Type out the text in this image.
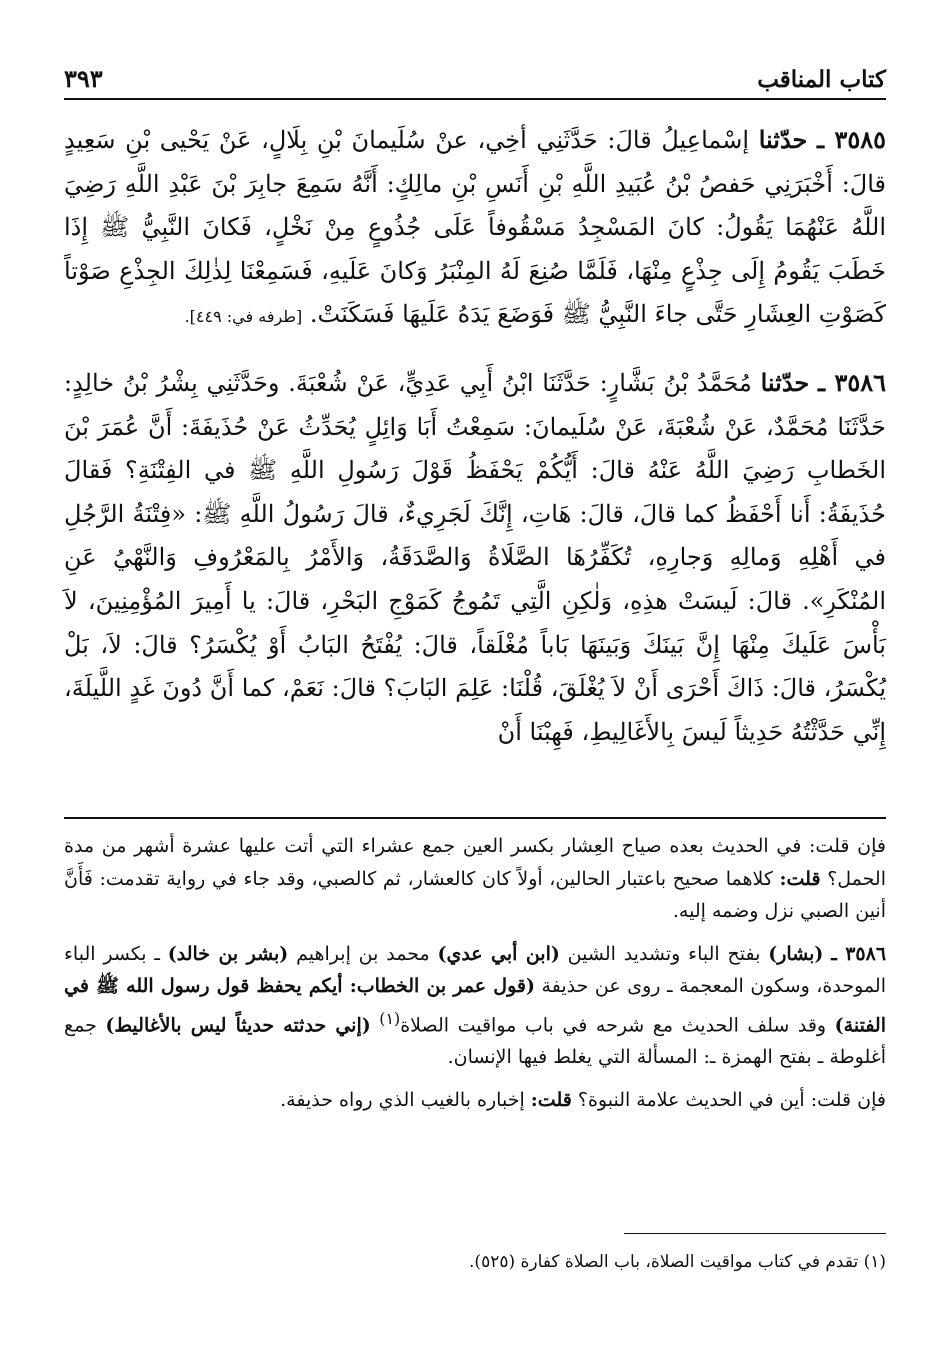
كتاب المناقب
٣٩٣

٣٥٨٥ ـ حدّثنا إسْماعِيلُ قالَ: حَدَّثَنِي أخِي، عنْ سُلَيمانَ بْنِ بِلَالٍ، عَنْ يَحْيى بْنِ سَعِيدٍ قالَ: أَخْبَرَنِي حَفصُ بْنُ عُبَيدِ اللَّهِ بْنِ أَنَسِ بْنِ مالِكٍ: أَنَّهُ سَمِعَ جابِرَ بْنَ عَبْدِ اللَّهِ رَضِيَ اللَّهُ عَنْهُمَا يَقُولُ: كانَ المَسْجِدُ مَسْقُوفاً عَلَى جُذُوعٍ مِنْ نَخْلٍ، فَكانَ النَّبِيُّ ﷺ إِذَا خَطَبَ يَقُومُ إِلَى جِذْعٍ مِنْهَا، فَلَمَّا صُنِعَ لَهُ المِنْبَرُ وَكانَ عَلَيهِ، فَسَمِعْنَا لِذٰلِكَ الجِذْعِ صَوْتاً كَصَوْتِ العِشَارِ حَتَّى جاءَ النَّبِيُّ ﷺ فَوَضَعَ يَدَهُ عَلَيهَا فَسَكَنَتْ. [طرفه في: ٤٤٩].

٣٥٨٦ ـ حدّثنا مُحَمَّدُ بْنُ بَشَّارٍ: حَدَّثَنَا ابْنُ أَبِي عَدِيٍّ، عَنْ شُعْبَةَ. وحَدَّثَنِي بِشْرُ بْنُ خالِدٍ: حَدَّثَنَا مُحَمَّدٌ، عَنْ شُعْبَةَ، عَنْ سُلَيمانَ: سَمِعْتُ أَبَا وَائِلٍ يُحَدِّثُ عَنْ حُذَيفَةَ: أَنَّ عُمَرَ بْنَ الخَطابِ رَضِيَ اللَّهُ عَنْهُ قالَ: أَيُّكُمْ يَحْفَظُ قَوْلَ رَسُولِ اللَّهِ ﷺ في الفِتْنَةِ؟ فَقالَ حُذَيفَةُ: أَنا أَحْفَظُ كما قالَ، قالَ: هَاتِ، إِنَّكَ لَجَرِيءٌ، قالَ رَسُولُ اللَّهِ ﷺ: «فِتْنَةُ الرَّجُلِ في أَهْلِهِ وَمالِهِ وَجارِهِ، تُكَفِّرُهَا الصَّلَاةُ وَالصَّدَقَةُ، وَالأَمْرُ بِالمَعْرُوفِ وَالنَّهْيُ عَنِ المُنْكَرِ». قالَ: لَيسَتْ هذِهِ، وَلٰكِنِ الَّتِي تَمُوجُ كَمَوْجِ البَحْرِ، قالَ: يا أَمِيرَ المُؤْمِنِينَ، لاَ بَأْسَ عَلَيكَ مِنْهَا إِنَّ بَينَكَ وَبَينَهَا بَاباً مُغْلَقاً، قالَ: يُفْتَحُ البَابُ أَوْ يُكْسَرُ؟ قالَ: لاَ، بَلْ يُكْسَرُ، قالَ: ذَاكَ أَحْرَى أَنْ لاَ يُغْلَقَ، قُلْنَا: عَلِمَ البَابَ؟ قالَ: نَعَمْ، كما أَنَّ دُونَ غَدٍ اللَّيلَةَ، إِنِّي حَدَّثْتُهُ حَدِيثاً لَيسَ بِالأَغَالِيطِ، فَهِبْنَا أَنْ

فإن قلت: في الحديث بعده صياح العِشار بكسر العين جمع عشراء التي أتت عليها عشرة أشهر من مدة الحمل؟ قلت: كلاهما صحيح باعتبار الحالين، أولاً كان كالعشار، ثم كالصبي، وقد جاء في رواية تقدمت: فَأَنَّ أنين الصبي نزل وضمه إليه.

٣٥٨٦ ـ (بشار) بفتح الباء وتشديد الشين (ابن أبي عدي) محمد بن إبراهيم (بشر بن خالد) ـ بكسر الباء الموحدة، وسكون المعجمة ـ روى عن حذيفة (قول عمر بن الخطاب: أيكم يحفظ قول رسول الله ﷺ في الفتنة) وقد سلف الحديث مع شرحه في باب مواقيت الصلاة$^{(١)}$ (إني حدثته حديثاً ليس بالأغاليط) جمع أغلوطة ـ بفتح الهمزة ـ: المسألة التي يغلط فيها الإنسان.

فإن قلت: أين في الحديث علامة النبوة؟ قلت: إخباره بالغيب الذي رواه حذيفة.

(١) تقدم في كتاب مواقيت الصلاة، باب الصلاة كفارة (٥٢٥).
